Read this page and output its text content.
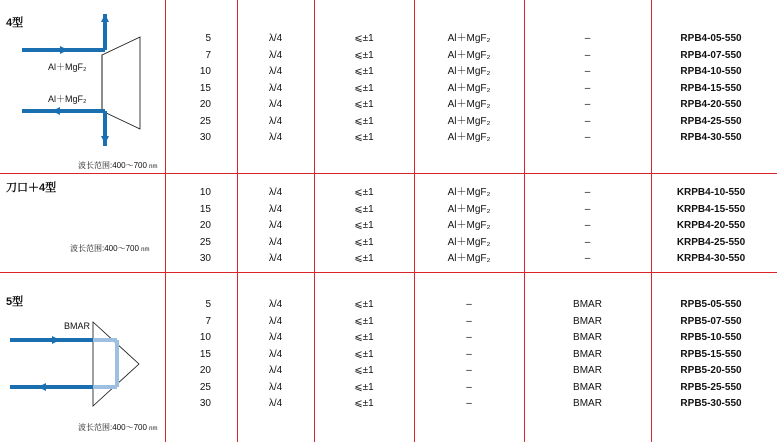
4型
Al＋MgF₂
Al＋MgF₂
波长范围:400～700 nm
刀口＋4型
波长范围:400～700 nm
5型
BMAR
波长范围:400～700 nm
5
7
10
15
20
25
30
λ/4
λ/4
λ/4
λ/4
λ/4
λ/4
λ/4
⩽±1
⩽±1
⩽±1
⩽±1
⩽±1
⩽±1
⩽±1
Al＋MgF₂
Al＋MgF₂
Al＋MgF₂
Al＋MgF₂
Al＋MgF₂
Al＋MgF₂
Al＋MgF₂
–
–
–
–
–
–
–
RPB4-05-550
RPB4-07-550
RPB4-10-550
RPB4-15-550
RPB4-20-550
RPB4-25-550
RPB4-30-550
10
15
20
25
30
λ/4
λ/4
λ/4
λ/4
λ/4
⩽±1
⩽±1
⩽±1
⩽±1
⩽±1
Al＋MgF₂
Al＋MgF₂
Al＋MgF₂
Al＋MgF₂
Al＋MgF₂
–
–
–
–
–
KRPB4-10-550
KRPB4-15-550
KRPB4-20-550
KRPB4-25-550
KRPB4-30-550
5
7
10
15
20
25
30
λ/4
λ/4
λ/4
λ/4
λ/4
λ/4
λ/4
⩽±1
⩽±1
⩽±1
⩽±1
⩽±1
⩽±1
⩽±1
–
–
–
–
–
–
–
BMAR
BMAR
BMAR
BMAR
BMAR
BMAR
BMAR
RPB5-05-550
RPB5-07-550
RPB5-10-550
RPB5-15-550
RPB5-20-550
RPB5-25-550
RPB5-30-550
